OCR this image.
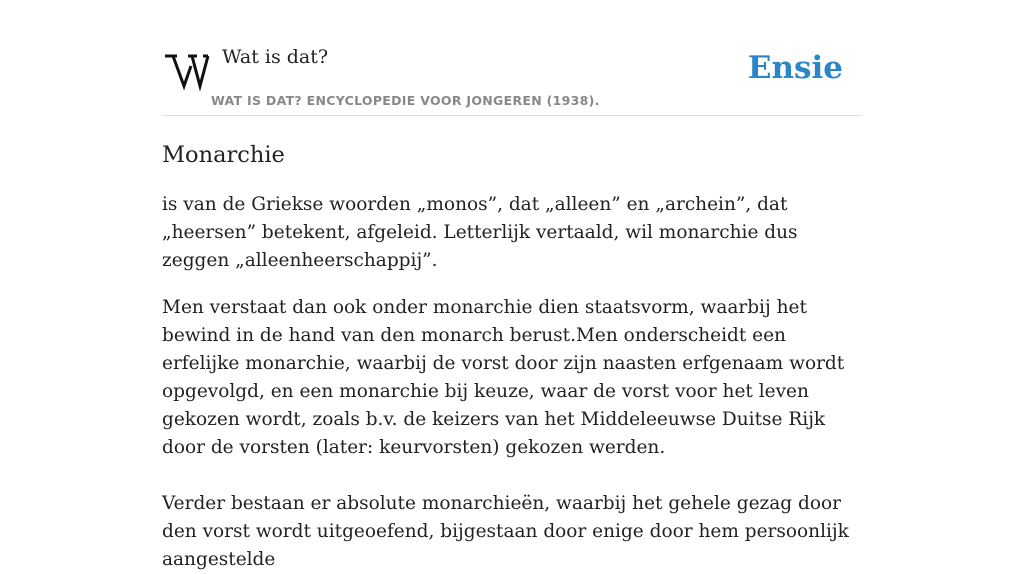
Wat is dat?
WAT IS DAT? ENCYCLOPEDIE VOOR JONGEREN (1938).
Ensie
Monarchie

is van de Griekse woorden „monos”, dat „alleen” en „archein”, dat „heersen” betekent, afgeleid. Letterlijk vertaald, wil monarchie dus zeggen „alleenheerschappij”.

Men verstaat dan ook onder monarchie dien staatsvorm, waarbij het bewind in de hand van den monarch berust.Men onderscheidt een erfelijke monarchie, waarbij de vorst door zijn naasten erfgenaam wordt opgevolgd, en een monarchie bij keuze, waar de vorst voor het leven gekozen wordt, zoals b.v. de keizers van het Middeleeuwse Duitse Rijk door de vorsten (later: keurvorsten) gekozen werden.

Verder bestaan er absolute monarchieën, waarbij het gehele gezag door den vorst wordt uitgeoefend, bijgestaan door enige door hem persoonlijk aangestelde
